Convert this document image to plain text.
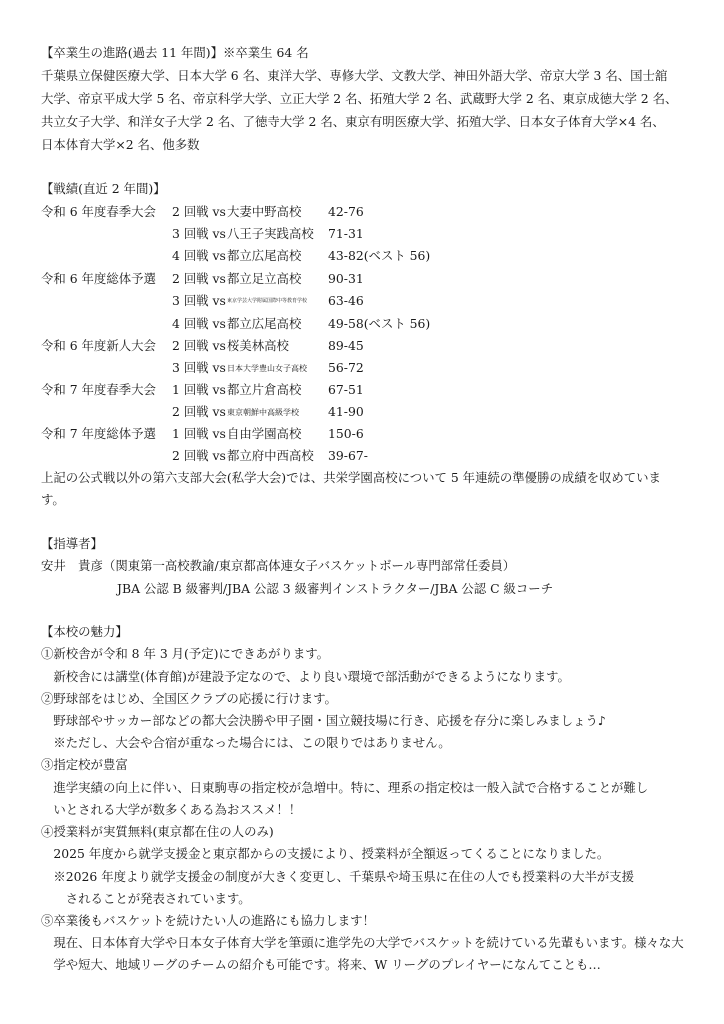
【卒業生の進路(過去 11 年間)】※卒業生 64 名
千葉県立保健医療大学、日本大学 6 名、東洋大学、専修大学、文教大学、神田外語大学、帝京大学 3 名、国士舘
大学、帝京平成大学 5 名、帝京科学大学、立正大学 2 名、拓殖大学 2 名、武蔵野大学 2 名、東京成徳大学 2 名、
共立女子大学、和洋女子大学 2 名、了徳寺大学 2 名、東京有明医療大学、拓殖大学、日本女子体育大学×4 名、
日本体育大学×2 名、他多数
【戦績(直近 2 年間)】
令和 6 年度春季大会 2 回戦 vs 大妻中野高校 42-76
3 回戦 vs 八王子実践高校 71-31
4 回戦 vs 都立広尾高校 43-82(ベスト 56)
令和 6 年度総体予選 2 回戦 vs 都立足立高校 90-31
3 回戦 vs 東京学芸大学附属国際中等教育学校 63-46
4 回戦 vs 都立広尾高校 49-58(ベスト 56)
令和 6 年度新人大会 2 回戦 vs 桜美林高校	89-45
3 回戦 vs 日本大学豊山女子高校 56-72
令和 7 年度春季大会 1 回戦 vs 都立片倉高校 67-51
2 回戦 vs 東京朝鮮中高級学校 41-90
令和 7 年度総体予選 1 回戦 vs 自由学園高校 150-6
2 回戦 vs 都立府中西高校 39-67-
上記の公式戦以外の第六支部大会(私学大会)では、共栄学園高校について 5 年連続の準優勝の成績を収めていま
す。
【指導者】
安井　貴彦（関東第一高校教諭/東京都高体連女子バスケットボール専門部常任委員）
JBA 公認 B 級審判/JBA 公認 3 級審判インストラクター/JBA 公認 C 級コーチ
【本校の魅力】
①新校舎が令和 8 年 3 月(予定)にできあがります。
　新校舎には講堂(体育館)が建設予定なので、より良い環境で部活動ができるようになります。
②野球部をはじめ、全国区クラブの応援に行けます。
　野球部やサッカー部などの都大会決勝や甲子園・国立競技場に行き、応援を存分に楽しみましょう♪
　※ただし、大会や合宿が重なった場合には、この限りではありません。
③指定校が豊富
　進学実績の向上に伴い、日東駒専の指定校が急増中。特に、理系の指定校は一般入試で合格することが難し
　いとされる大学が数多くある為おススメ！！
④授業料が実質無料(東京都在住の人のみ)
　2025 年度から就学支援金と東京都からの支援により、授業料が全額返ってくることになりました。
　※2026 年度より就学支援金の制度が大きく変更し、千葉県や埼玉県に在住の人でも授業料の大半が支援
　　されることが発表されています。
⑤卒業後もバスケットを続けたい人の進路にも協力します！
　現在、日本体育大学や日本女子体育大学を筆頭に進学先の大学でバスケットを続けている先輩もいます。様々な大
　学や短大、地域リーグのチームの紹介も可能です。将来、W リーグのプレイヤーになんてことも…
